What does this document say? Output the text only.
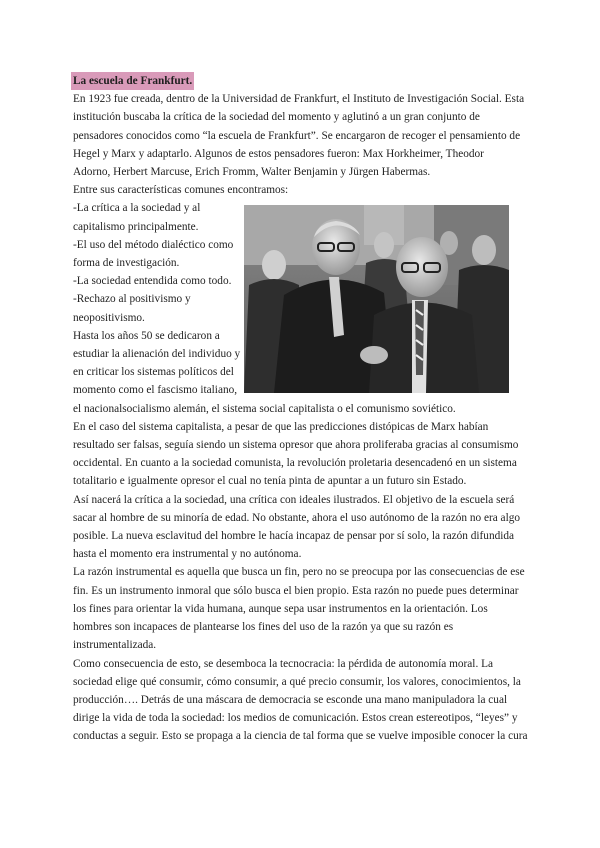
La escuela de Frankfurt.
En 1923 fue creada, dentro de la Universidad de Frankfurt, el Instituto de Investigación Social. Esta
institución buscaba la crítica de la sociedad del momento y aglutinó a un gran conjunto de
pensadores conocidos como “la escuela de Frankfurt”. Se encargaron de recoger el pensamiento de
Hegel y Marx y adaptarlo. Algunos de estos pensadores fueron: Max Horkheimer, Theodor
Adorno, Herbert Marcuse, Erich Fromm, Walter Benjamin y Jürgen Habermas.
Entre sus características comunes encontramos:
-La crítica a la sociedad y al
capitalismo principalmente.
-El uso del método dialéctico como
forma de investigación.
-La sociedad entendida como todo.
-Rechazo al positivismo y
neopositivismo.
Hasta los años 50 se dedicaron a
estudiar la alienación del individuo y
en criticar los sistemas políticos del
momento como el fascismo italiano,
el nacionalsocialismo alemán, el sistema social capitalista o el comunismo soviético.
En el caso del sistema capitalista, a pesar de que las predicciones distópicas de Marx habían
resultado ser falsas, seguía siendo un sistema opresor que ahora proliferaba gracias al consumismo
occidental. En cuanto a la sociedad comunista, la revolución proletaria desencadenó en un sistema
totalitario e igualmente opresor el cual no tenía pinta de apuntar a un futuro sin Estado.
Así nacerá la crítica a la sociedad, una crítica con ideales ilustrados. El objetivo de la escuela será
sacar al hombre de su minoría de edad. No obstante, ahora el uso autónomo de la razón no era algo
posible. La nueva esclavitud del hombre le hacía incapaz de pensar por sí solo, la razón difundida
hasta el momento era instrumental y no autónoma.
La razón instrumental es aquella que busca un fin, pero no se preocupa por las consecuencias de ese
fin. Es un instrumento inmoral que sólo busca el bien propio. Esta razón no puede pues determinar
los fines para orientar la vida humana, aunque sepa usar instrumentos en la orientación. Los
hombres son incapaces de plantearse los fines del uso de la razón ya que su razón es
instrumentalizada.
Como consecuencia de esto, se desemboca la tecnocracia: la pérdida de autonomía moral. La
sociedad elige qué consumir, cómo consumir, a qué precio consumir, los valores, conocimientos, la
producción…. Detrás de una máscara de democracia se esconde una mano manipuladora la cual
dirige la vida de toda la sociedad: los medios de comunicación. Estos crean estereotipos, “leyes” y
conductas a seguir. Esto se propaga a la ciencia de tal forma que se vuelve imposible conocer la cura
